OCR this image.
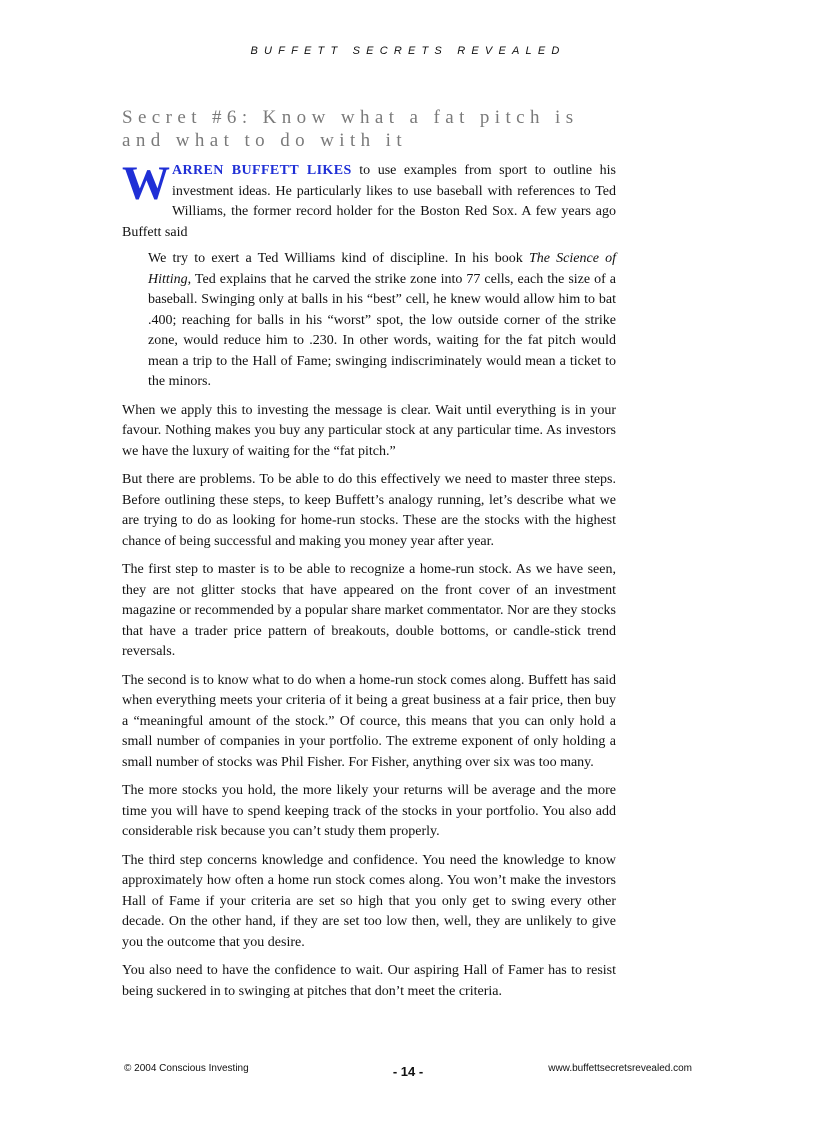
BUFFETT SECRETS REVEALED
Secret #6: Know what a fat pitch is and what to do with it

WARREN BUFFETT LIKES to use examples from sport to outline his investment ideas. He particularly likes to use baseball with references to Ted Williams, the former record holder for the Boston Red Sox. A few years ago Buffett said

We try to exert a Ted Williams kind of discipline. In his book The Science of Hitting, Ted explains that he carved the strike zone into 77 cells, each the size of a baseball. Swinging only at balls in his “best” cell, he knew would allow him to bat .400; reaching for balls in his “worst” spot, the low outside corner of the strike zone, would reduce him to .230. In other words, waiting for the fat pitch would mean a trip to the Hall of Fame; swinging indiscriminately would mean a ticket to the minors.

When we apply this to investing the message is clear. Wait until everything is in your favour. Nothing makes you buy any particular stock at any particular time. As investors we have the luxury of waiting for the “fat pitch.”

But there are problems. To be able to do this effectively we need to master three steps. Before outlining these steps, to keep Buffett’s analogy running, let’s describe what we are trying to do as looking for home-run stocks. These are the stocks with the highest chance of being successful and making you money year after year.

The first step to master is to be able to recognize a home-run stock. As we have seen, they are not glitter stocks that have appeared on the front cover of an investment magazine or recommended by a popular share market commentator. Nor are they stocks that have a trader price pattern of breakouts, double bottoms, or candle-stick trend reversals.

The second is to know what to do when a home-run stock comes along. Buffett has said when everything meets your criteria of it being a great business at a fair price, then buy a “meaningful amount of the stock.” Of cource, this means that you can only hold a small number of companies in your portfolio. The extreme exponent of only holding a small number of stocks was Phil Fisher. For Fisher, anything over six was too many.

The more stocks you hold, the more likely your returns will be average and the more time you will have to spend keeping track of the stocks in your portfolio. You also add considerable risk because you can’t study them properly.

The third step concerns knowledge and confidence. You need the knowledge to know approximately how often a home run stock comes along. You won’t make the investors Hall of Fame if your criteria are set so high that you only get to swing every other decade. On the other hand, if they are set too low then, well, they are unlikely to give you the outcome that you desire.

You also need to have the confidence to wait. Our aspiring Hall of Famer has to resist being suckered in to swinging at pitches that don’t meet the criteria.

© 2004 Conscious Investing	- 14 -	www.buffettsecretsrevealed.com
